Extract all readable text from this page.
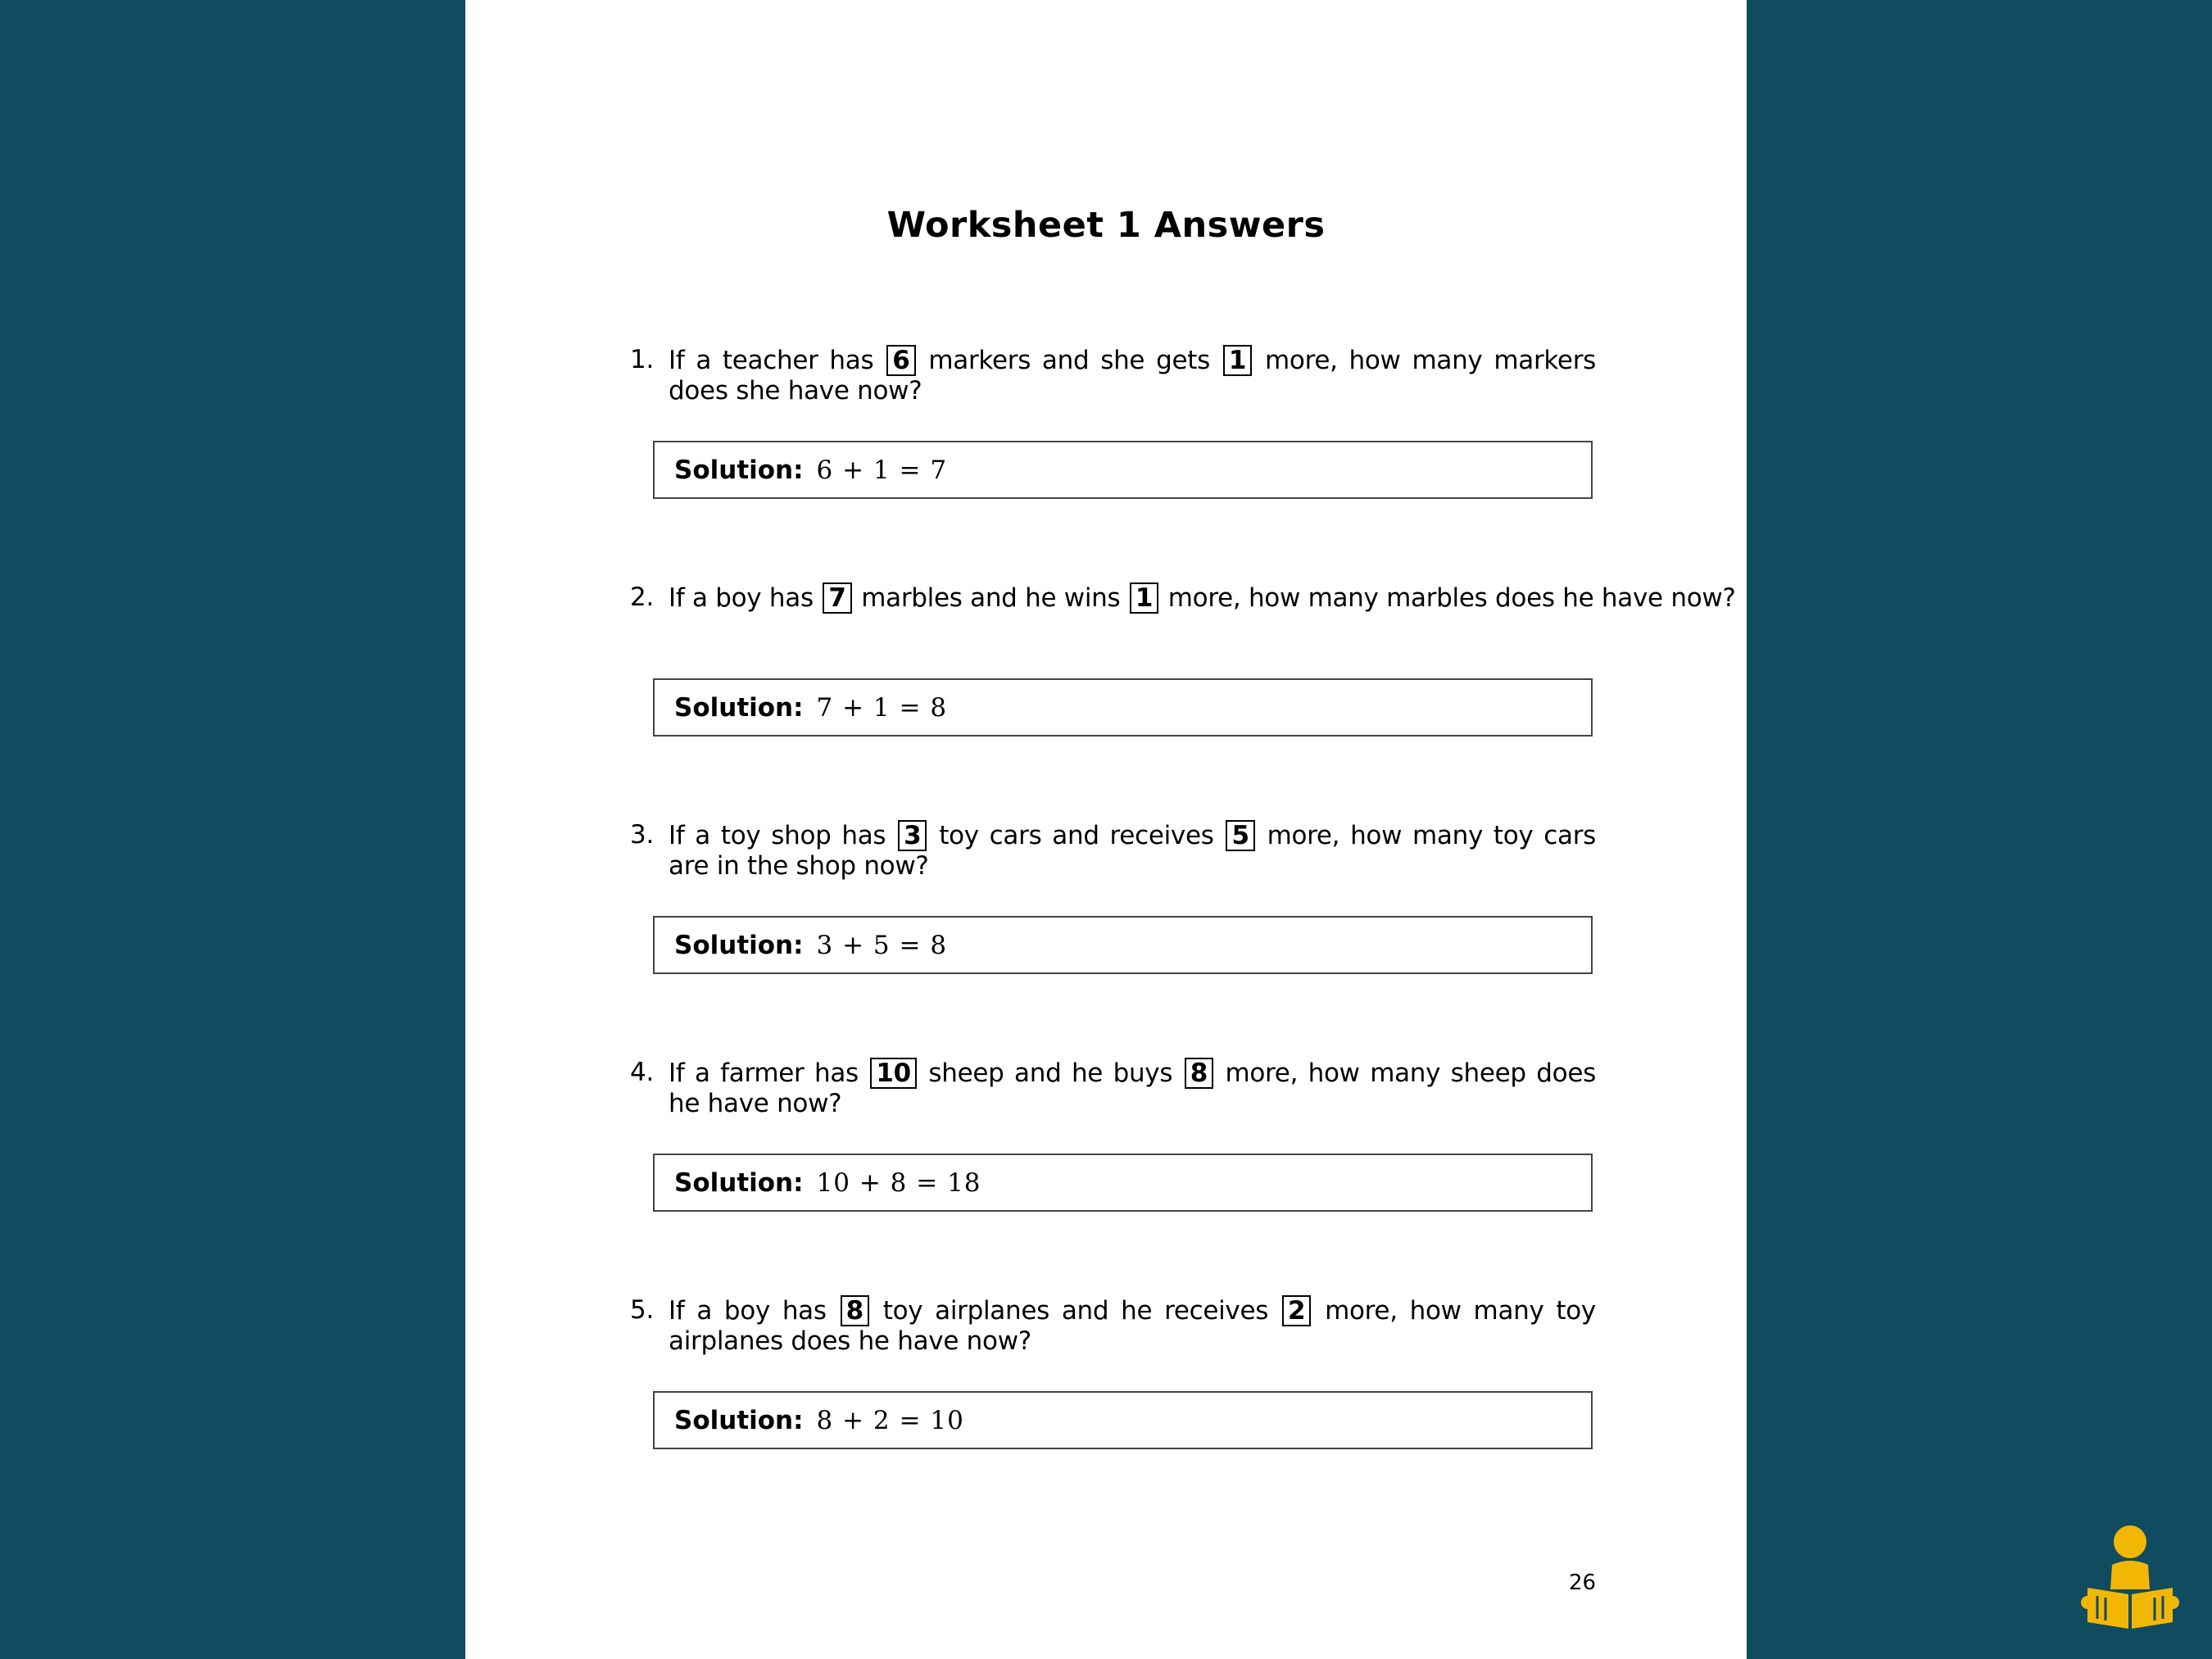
Worksheet 1 Answers
1. If a teacher has 6 markers and she gets 1 more, how many markers does she have now?
Solution: 6 + 1 = 7
2. If a boy has 7 marbles and he wins 1 more, how many marbles does he have now?
Solution: 7 + 1 = 8
3. If a toy shop has 3 toy cars and receives 5 more, how many toy cars are in the shop now?
Solution: 3 + 5 = 8
4. If a farmer has 10 sheep and he buys 8 more, how many sheep does he have now?
Solution: 10 + 8 = 18
5. If a boy has 8 toy airplanes and he receives 2 more, how many toy airplanes does he have now?
Solution: 8 + 2 = 10
26
